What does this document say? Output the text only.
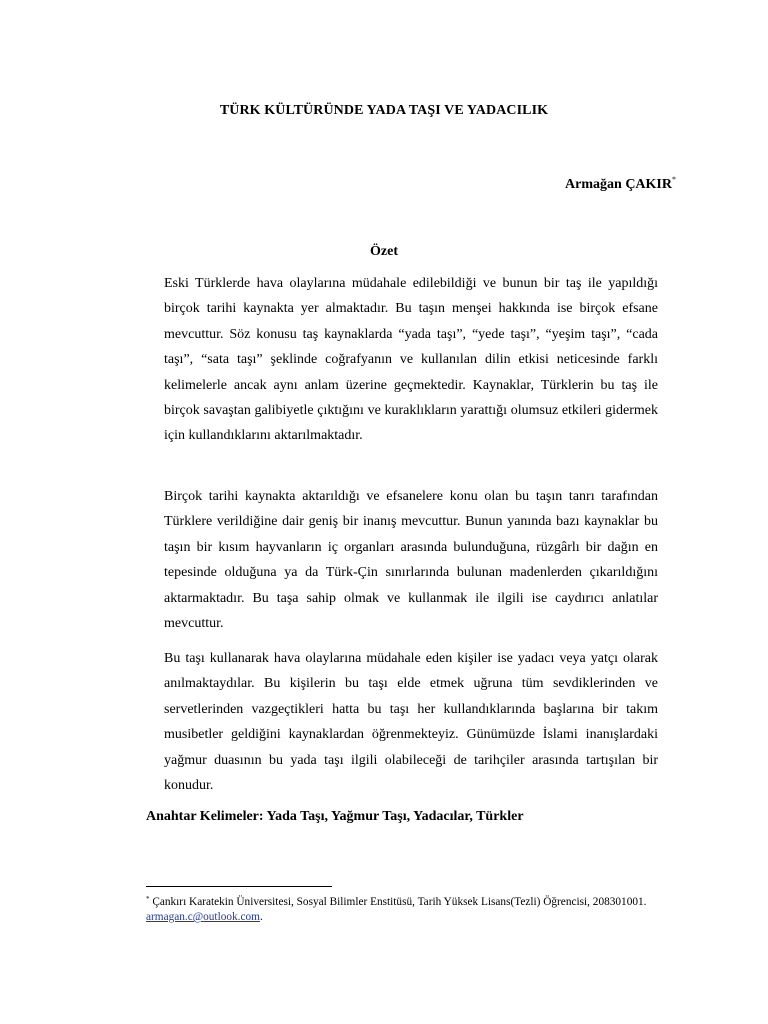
TÜRK KÜLTÜRÜNDE YADA TAŞI VE YADACILIK
Armağan ÇAKIR*
Özet

Eski Türklerde hava olaylarına müdahale edilebildiği ve bunun bir taş ile yapıldığı birçok tarihi kaynakta yer almaktadır. Bu taşın menşei hakkında ise birçok efsane mevcuttur. Söz konusu taş kaynaklarda “yada taşı”, “yede taşı”, “yeşim taşı”, “cada taşı”, “sata taşı” şeklinde coğrafyanın ve kullanılan dilin etkisi neticesinde farklı kelimelerle ancak aynı anlam üzerine geçmektedir. Kaynaklar, Türklerin bu taş ile birçok savaştan galibiyetle çıktığını ve kuraklıkların yarattığı olumsuz etkileri gidermek için kullandıklarını aktarılmaktadır.

Birçok tarihi kaynakta aktarıldığı ve efsanelere konu olan bu taşın tanrı tarafından Türklere verildiğine dair geniş bir inanış mevcuttur. Bunun yanında bazı kaynaklar bu taşın bir kısım hayvanların iç organları arasında bulunduğuna, rüzgârlı bir dağın en tepesinde olduğuna ya da Türk-Çin sınırlarında bulunan madenlerden çıkarıldığını aktarmaktadır. Bu taşa sahip olmak ve kullanmak ile ilgili ise caydırıcı anlatılar mevcuttur.

Bu taşı kullanarak hava olaylarına müdahale eden kişiler ise yadacı veya yatçı olarak anılmaktaydılar. Bu kişilerin bu taşı elde etmek uğruna tüm sevdiklerinden ve servetlerinden vazgeçtikleri hatta bu taşı her kullandıklarında başlarına bir takım musibetler geldiğini kaynaklardan öğrenmekteyiz. Günümüzde İslami inanışlardaki yağmur duasının bu yada taşı ilgili olabileceği de tarihçiler arasında tartışılan bir konudur.

Anahtar Kelimeler: Yada Taşı, Yağmur Taşı, Yadacılar, Türkler

* Çankırı Karatekin Üniversitesi, Sosyal Bilimler Enstitüsü, Tarih Yüksek Lisans(Tezli) Öğrencisi, 208301001. armagan.c@outlook.com.
